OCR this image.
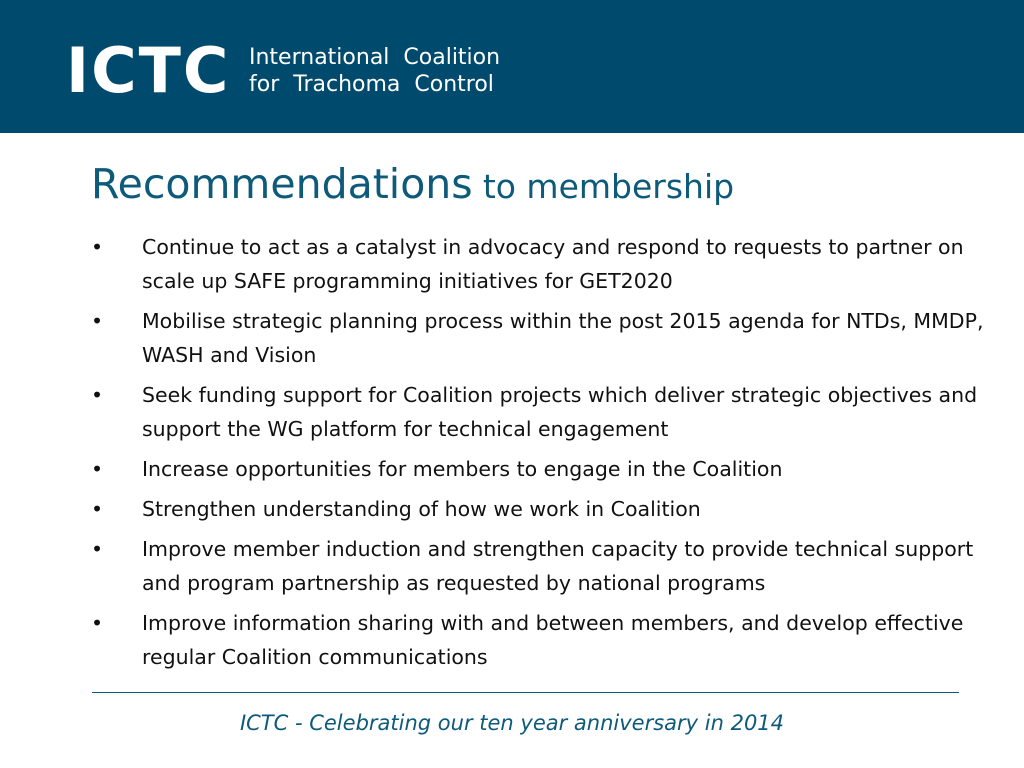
ICTC International Coalition
for Trachoma Control
Recommendations to membership
• Continue to act as a catalyst in advocacy and respond to requests to partner on scale up SAFE programming initiatives for GET2020
• Mobilise strategic planning process within the post 2015 agenda for NTDs, MMDP, WASH and Vision
• Seek funding support for Coalition projects which deliver strategic objectives and support the WG platform for technical engagement
• Increase opportunities for members to engage in the Coalition
• Strengthen understanding of how we work in Coalition
• Improve member induction and strengthen capacity to provide technical support and program partnership as requested by national programs
• Improve information sharing with and between members, and develop effective regular Coalition communications
ICTC - Celebrating our ten year anniversary in 2014
